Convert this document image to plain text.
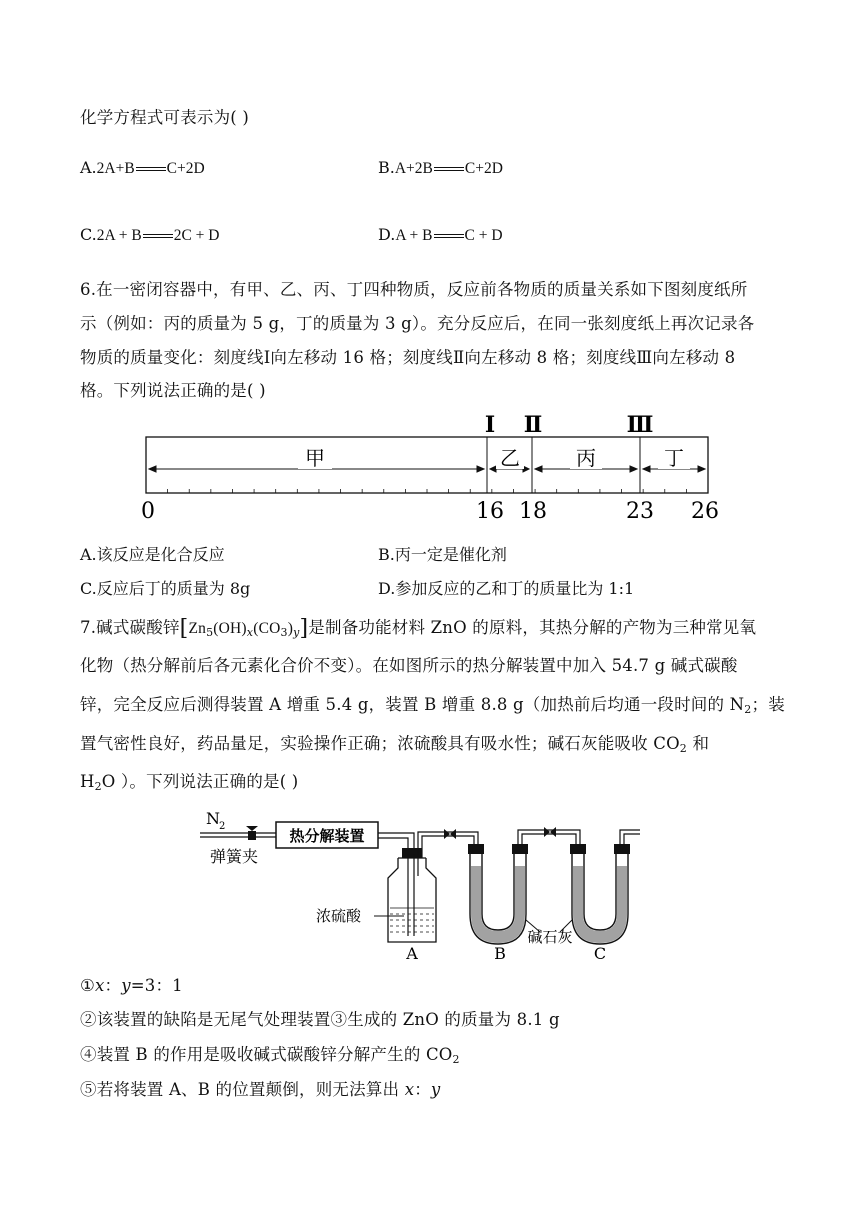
化学方程式可表示为( )
A.2A+B C+2D	B.A+2B C+2D
C.2A + B 2C + D	D.A + B C + D
6.在一密闭容器中，有甲、乙、丙、丁四种物质，反应前各物质的质量关系如下图刻度纸所
示（例如：丙的质量为 5 g，丁的质量为 3 g）。充分反应后，在同一张刻度纸上再次记录各
物质的质量变化：刻度线Ⅰ向左移动 16 格；刻度线Ⅱ向左移动 8 格；刻度线Ⅲ向左移动 8
格。下列说法正确的是( )
Ⅰ Ⅱ	Ⅲ
甲	乙	丙	丁
0	16 18	23 26
A.该反应是化合反应	B.丙一定是催化剂
C.反应后丁的质量为 8g	D.参加反应的乙和丁的质量比为 1:1
7.碱式碳酸锌$[Zn_5(OH)_x(CO_3)_y]$是制备功能材料 ZnO 的原料，其热分解的产物为三种常见氧
化物（热分解前后各元素化合价不变）。在如图所示的热分解装置中加入 54.7 g 碱式碳酸
锌，完全反应后测得装置 A 增重 5.4 g，装置 B 增重 8.8 g（加热前后均通一段时间的 $N_2$；装
置气密性良好，药品量足，实验操作正确；浓硫酸具有吸水性；碱石灰能吸收 $CO_2$ 和
$H_2O$ ）。下列说法正确的是( )
N 2
弹簧夹
热分解装置
浓硫酸
A	B
碱石灰
C
①x：y=3：1
②该装置的缺陷是无尾气处理装置③生成的 ZnO 的质量为 8.1 g
④装置 B 的作用是吸收碱式碳酸锌分解产生的 $CO_2$
⑤若将装置 A、B 的位置颠倒，则无法算出 x：y
